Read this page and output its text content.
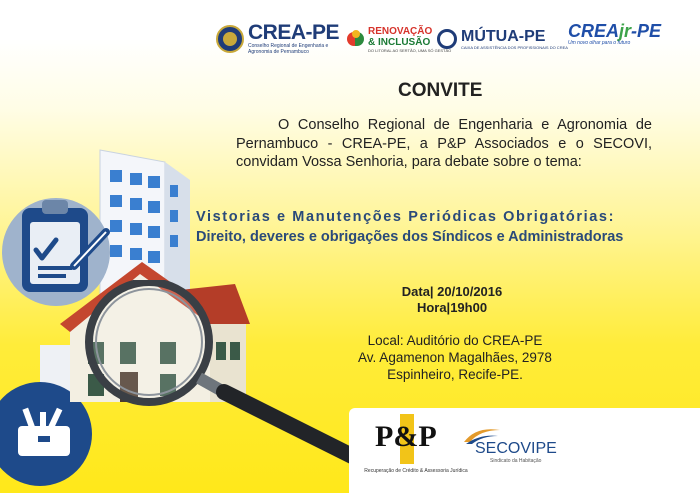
CREA-PE
Conselho Regional de Engenharia e Agronomia de Pernambuco
RENOVAÇÃO
& INCLUSÃO
DO LITORAL AO SERTÃO, UMA SÓ GESTÃO
MÚTUA-PE
CAIXA DE ASSISTÊNCIA DOS PROFISSIONAIS DO CREA
CREAjr-PE
Um novo olhar para o futuro
CONVITE
O Conselho Regional de Engenharia e Agronomia de Pernambuco - CREA-PE, a P&P Associados e o SECOVI, convidam Vossa Senhoria, para debate sobre o tema:
Vistorias e Manutenções Periódicas Obrigatórias:
Direito, deveres e obrigações dos Síndicos e Administradoras
Data| 20/10/2016
Hora|19h00
Local: Auditório do CREA-PE
Av. Agamenon Magalhães, 2978
Espinheiro, Recife-PE.
P&P
Recuperação de Crédito & Assessoria Jurídica
SECOVIPE
Sindicato da Habitação
